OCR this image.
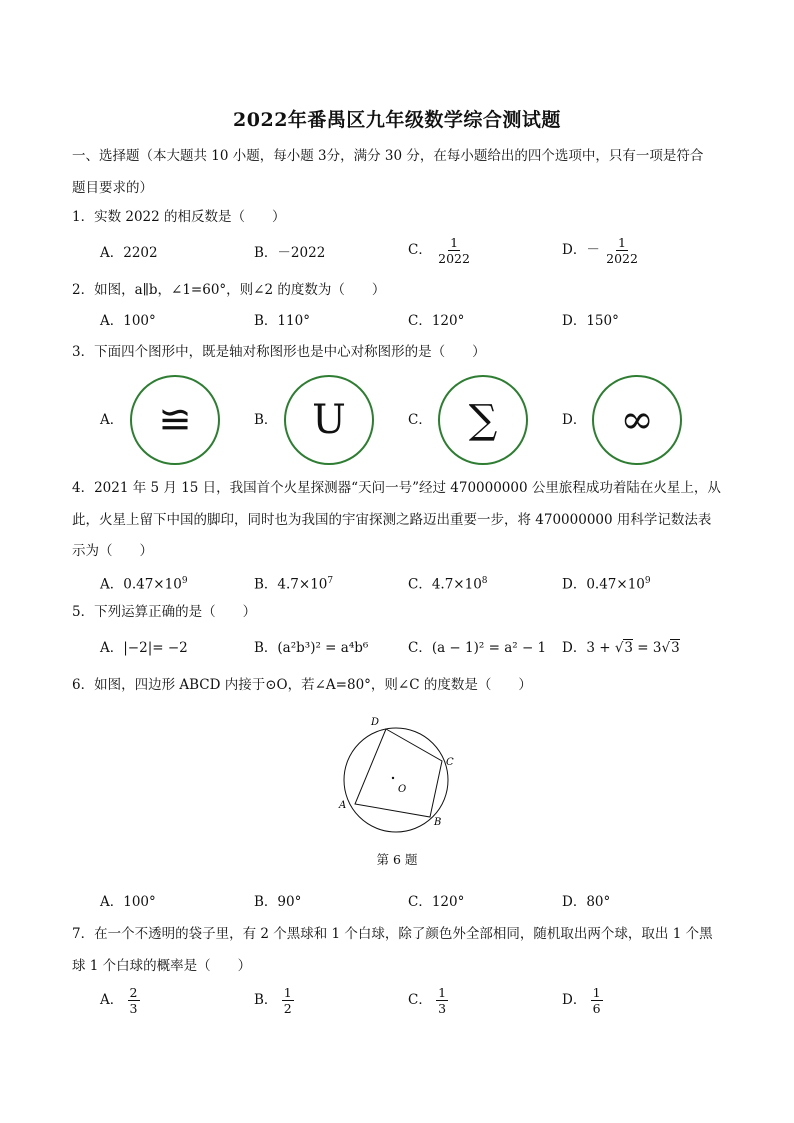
2022年番禺区九年级数学综合测试题
一、选择题（本大题共 10 小题，每小题 3分，满分 30 分，在每小题给出的四个选项中，只有一项是符合
题目要求的）
1．实数 2022 的相反数是（　　）
A．2202	B．－2022	C． $\frac{1}{2022}$	D．－ $\frac{1}{2022}$
2．如图，a∥b，∠1=60°，则∠2 的度数为（　　）
A．100°	B．110°	C．120°	D．150°
3．下面四个图形中，既是轴对称图形也是中心对称图形的是（　　）
A． ≌	B． U	C． ∑	D． ∞
4．2021 年 5 月 15 日，我国首个火星探测器“天问一号”经过 470000000 公里旅程成功着陆在火星上，从
此，火星上留下中国的脚印，同时也为我国的宇宙探测之路迈出重要一步，将 470000000 用科学记数法表
示为（　　）
A．$0.47\times 10^9$	B．$4.7\times 10^7$	C．$4.7\times 10^8$	D．$0.47\times 10^9$
5．下列运算正确的是（　　）
A．|−2|= −2	B．(a²b³)² = a⁴b⁶	C．(a − 1)² = a² − 1 D．3 + √3 = 3√3
6．如图，四边形 ABCD 内接于⊙O，若∠A=80°，则∠C 的度数是（　　）
D
C
B
A
O
第 6 题
A．100°	B．90°	C．120°	D．80°
7．在一个不透明的袋子里，有 2 个黑球和 1 个白球，除了颜色外全部相同，随机取出两个球，取出 1 个黑
球 1 个白球的概率是（　　）
A． $\frac{2}{3}$	B． $\frac{1}{2}$	C． $\frac{1}{3}$	D． $\frac{1}{6}$
